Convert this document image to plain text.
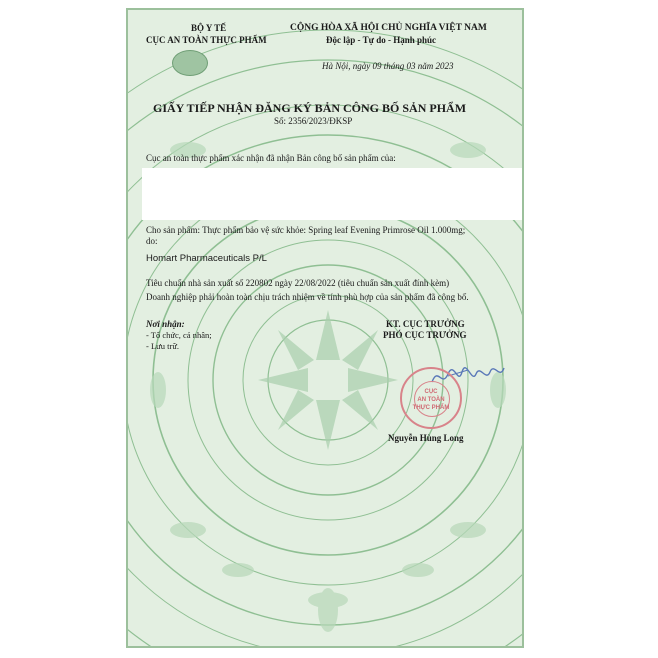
BỘ Y TẾ
CỤC AN TOÀN THỰC PHẨM
CỘNG HÒA XÃ HỘI CHỦ NGHĨA VIỆT NAM
Độc lập - Tự do - Hạnh phúc
Hà Nội, ngày 09 tháng 03 năm 2023
GIẤY TIẾP NHẬN ĐĂNG KÝ BẢN CÔNG BỐ SẢN PHẨM
Số: 2356/2023/ĐKSP
Cục an toàn thực phẩm xác nhận đã nhận Bản công bố sản phẩm của:
Cho sản phẩm: Thực phẩm bảo vệ sức khỏe: Spring leaf Evening Primrose Oil 1.000mg;
do:
Homart Pharmaceuticals P/L
Tiêu chuẩn nhà sản xuất số 220802 ngày 22/08/2022 (tiêu chuẩn sản xuất đính kèm)
Doanh nghiệp phải hoàn toàn chịu trách nhiệm về tính phù hợp của sản phẩm đã công bố.
Nơi nhận:
- Tổ chức, cá nhân;
- Lưu trữ.
KT. CỤC TRƯỞNG
PHÓ CỤC TRƯỞNG
CỤC
AN TOÀN
THỰC PHẨM
Nguyễn Hùng Long
